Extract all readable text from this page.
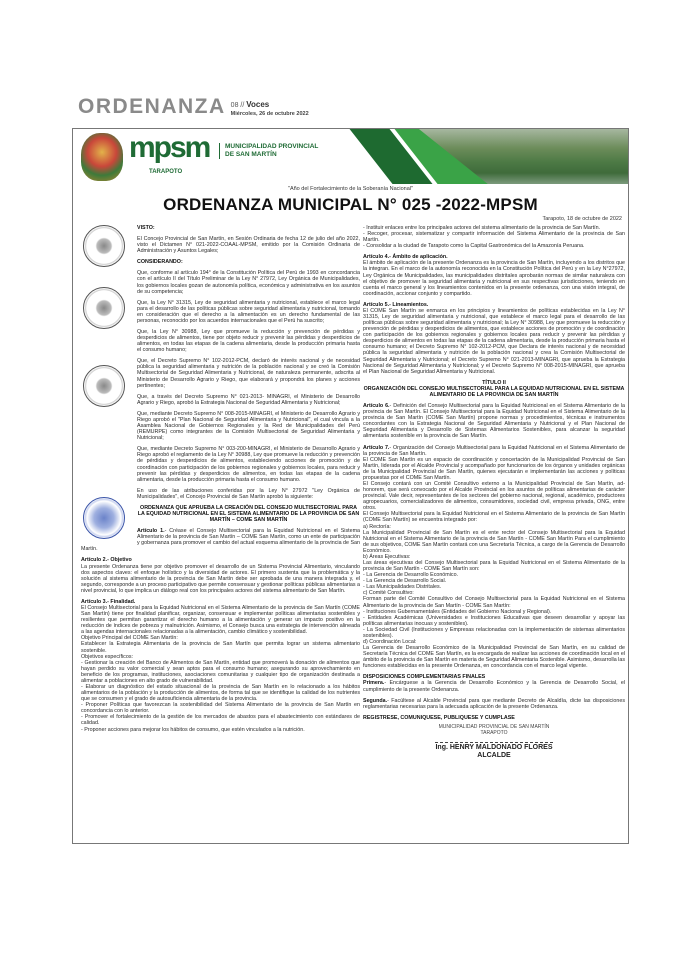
ORDENANZA 08 // Voces
Miércoles, 26 de octubre 2022
mpsm
TARAPOTO
MUNICIPALIDAD PROVINCIAL
DE SAN MARTÍN
"Año del Fortalecimiento de la Soberanía Nacional"
ORDENANZA MUNICIPAL N° 025 -2022-MPSM
Tarapoto, 18 de octubre de 2022

VISTO:

El Concejo Provincial de San Martín, en Sesión Ordinaria de fecha 12 de julio del año 2022, visto el Dictamen N° 021-2022-COAAL-MPSM, emitido por la Comisión Ordinaria de Administración y Asuntos Legales;

CONSIDERANDO:

Que, conforme al artículo 194° de la Constitución Política del Perú de 1993 en concordancia con el artículo II del Título Preliminar de la Ley N° 27972, Ley Orgánica de Municipalidades, los gobiernos locales gozan de autonomía política, económica y administrativa en los asuntos de su competencia;

Que, la Ley N° 31315, Ley de seguridad alimentaria y nutricional, establece el marco legal para el desarrollo de las políticas públicas sobre seguridad alimentaria y nutricional, tomando en consideración que el derecho a la alimentación es un derecho fundamental de las personas, reconocido por los acuerdos internacionales que el Perú ha suscrito;

Que, la Ley N° 30988, Ley que promueve la reducción y prevención de pérdidas y desperdicios de alimentos, tiene por objeto reducir y prevenir las pérdidas y desperdicios de alimentos, en todas las etapas de la cadena alimentaria, desde la producción primaria hasta el consumo humano;

Que, el Decreto Supremo N° 102-2012-PCM, declaró de interés nacional y de necesidad pública la seguridad alimentaria y nutrición de la población nacional y se creó la Comisión Multisectorial de Seguridad Alimentaria y Nutricional, de naturaleza permanente, adscrita al Ministerio de Desarrollo Agrario y Riego, que elaborará y propondrá los planes y acciones pertinentes;

Que, a través del Decreto Supremo N° 021-2013- MINAGRI, el Ministerio de Desarrollo Agrario y Riego, aprobó la Estrategia Nacional de Seguridad Alimentaria y Nutricional;

Que, mediante Decreto Supremo N° 008-2015-MINAGRI, el Ministerio de Desarrollo Agrario y Riego aprobó el "Plan Nacional de Seguridad Alimentaria y Nutricional", el cual vincula a la Asamblea Nacional de Gobiernos Regionales y la Red de Municipalidades del Perú (REMURPE) como integrantes de la Comisión Multisectorial de Seguridad Alimentaria y Nutricional;

Que, mediante Decreto Supremo N° 003-200-MINAGRI, el Ministerio de Desarrollo Agrario y Riego aprobó el reglamento de la Ley N° 30988, Ley que promueve la reducción y prevención de pérdidas y desperdicios de alimentos, estableciendo acciones de promoción y de coordinación con participación de los gobiernos regionales y gobiernos locales, para reducir y prevenir las pérdidas y desperdicios de alimentos, en todas las etapas de la cadena alimentaria, desde la producción primaria hasta el consumo humano.

En uso de las atribuciones conferidas por la Ley N° 27972 "Ley Orgánica de Municipalidades", el Concejo Provincial de San Martín aprobó la siguiente:

ORDENANZA QUE APRUEBA LA CREACIÓN DEL CONSEJO MULTISECTORIAL PARA LA EQUIDAD NUTRICIONAL EN EL SISTEMA ALIMENTARIO DE LA PROVINCIA DE SAN MARTÍN – COME SAN MARTÍN

Artículo 1.- Créase el Consejo Multisectorial para la Equidad Nutricional en el Sistema Alimentario de la provincia de San Martín – COME San Martín, como un ente de participación y gobernanza para promover el cambio del actual esquema alimentario de la provincia de San Martín.

Artículo 2.- Objetivo
La presente Ordenanza tiene por objetivo promover el desarrollo de un Sistema Provincial Alimentario, vinculando dos aspectos claves: el enfoque holístico y la diversidad de actores. El primero sustenta que la problemática y la solución al sistema alimentario de la provincia de San Martín debe ser aprobada de una manera integrada y, el segundo, corresponde a un proceso participativo que permite consensuar y gestionar políticas públicas alimentarias a nivel provincial, lo que implica un diálogo real con los principales actores del sistema alimentario de San Martín.

Artículo 3.- Finalidad.
El Consejo Multisectorial para la Equidad Nutricional en el Sistema Alimentario de la provincia de San Martín (COME San Martín) tiene por finalidad planificar, organizar, consensuar e implementar políticas alimentarias sostenibles y resilientes que permitan garantizar el derecho humano a la alimentación y generar un impacto positivo en la reducción de índices de pobreza y malnutrición. Asimismo, el Consejo busca una estrategia de intervención alineada a las agendas internacionales relacionadas a la alimentación, cambio climático y sostenibilidad.
Objetivo Principal del COME San Martín:
Establecer la Estrategia Alimentaria de la provincia de San Martín que permita lograr un sistema alimentario sostenible.
Objetivos específicos:
- Gestionar la creación del Banco de Alimentos de San Martín, entidad que promoverá la donación de alimentos que hayan perdido su valor comercial y sean aptos para el consumo humano; asegurando su aprovechamiento en beneficio de los programas, instituciones, asociaciones comunitarias y cualquier tipo de organización destinada a alimentar a poblaciones en alto grado de vulnerabilidad.
- Elaborar un diagnóstico del estado situacional de la provincia de San Martín en lo relacionado a los hábitos alimentarios de la población y la producción de alimentos, de forma tal que se identifique la calidad de los nutrientes que se consumen y el grado de autosuficiencia alimentaria de la provincia.
- Proponer Políticas que favorezcan la sostenibilidad del Sistema Alimentario de la provincia de San Martín en concordancia con lo anterior.
- Promover el fortalecimiento de la gestión de los mercados de abastos para el abastecimiento con estándares de calidad.
- Proponer acciones para mejorar los hábitos de consumo, que estén vinculados a la nutrición.

- Instituir enlaces entre los principales actores del sistema alimentario de la provincia de San Martín.
- Recoger, procesar, sistematizar y compartir información del Sistema Alimentario de la provincia de San Martín.
- Consolidar a la ciudad de Tarapoto como la Capital Gastronómica del la Amazonía Peruana.

Artículo 4.- Ámbito de aplicación.
El ámbito de aplicación de la presente Ordenanza es la provincia de San Martín, incluyendo a los distritos que la integran. En el marco de la autonomía reconocida en la Constitución Política del Perú y en la Ley N°27972, Ley Orgánica de Municipalidades, las municipalidades distritales aprobarán normas de similar naturaleza con el objetivo de promover la seguridad alimentaria y nutricional en sus respectivas jurisdicciones, teniendo en cuenta el marco general y los lineamientos contenidos en la presente ordenanza, con una visión integral, de coordinación, accionar conjunto y compartido.

Artículo 5.- Lineamientos.
El COME San Martín se enmarca en los principios y lineamientos de políticas establecidas en la Ley N° 31315, Ley de seguridad alimentaria y nutricional, que establece el marco legal para el desarrollo de las políticas públicas sobre seguridad alimentaria y nutricional; la Ley N° 30988, Ley que promueve la reducción y prevención de pérdidas y desperdicios de alimentos, que establece acciones de promoción y de coordinación con participación de los gobiernos regionales y gobiernos locales para reducir y prevenir las pérdidas y desperdicios de alimentos en todas las etapas de la cadena alimentaria, desde la producción primaria hasta el consumo humano; el Decreto Supremo N° 102-2012-PCM, que Declara de interés nacional y de necesidad pública la seguridad alimentaria y nutrición de la población nacional y crea la Comisión Multisectorial de Seguridad Alimentaria y Nutricional; el Decreto Supremo N° 021-2013-MINAGRI, que aprueba la Estrategia Nacional de Seguridad Alimentaria y Nutricional; y el Decreto Supremo N° 008-2015-MINAGRI, que aprueba el Plan Nacional de Seguridad Alimentaria y Nutricional.

TÍTULO II

ORGANIZACIÓN DEL CONSEJO MULTISECTORIAL PARA LA EQUIDAD NUTRICIONAL EN EL SISTEMA ALIMENTARIO DE LA PROVINCIA DE SAN MARTÍN

Artículo 6.- Definición del Consejo Multisectorial para la Equidad Nutricional en el Sistema Alimentario de la provincia de San Martín. El Consejo Multisectorial para la Equidad Nutricional en el Sistema Alimentario de la provincia de San Martín (COME San Martín) propone normas y procedimientos, técnicas e instrumentos concordantes con la Estrategia Nacional de Seguridad Alimentaria y Nutricional y el Plan Nacional de Seguridad Alimentaria y Desarrollo de Sistemas Alimentarios Sostenibles, para alcanzar la seguridad alimentaria sostenible en la provincia de San Martín.

Artículo 7.- Organización del Consejo Multisectorial para la Equidad Nutricional en el Sistema Alimentario de la provincia de San Martín.
El COME San Martín es un espacio de coordinación y concertación de la Municipalidad Provincial de San Martín, liderada por el Alcalde Provincial y acompañado por funcionarios de los órganos y unidades orgánicas de la Municipalidad Provincial de San Martín, quienes ejecutarán e implementarán las acciones y políticas propuestas por el COME San Martín.
El Consejo contará con un Comité Consultivo externo a la Municipalidad Provincial de San Martín, ad-honorem, que será convocado por el Alcalde Provincial en los asuntos de políticas alimentarias de carácter provincial. Vale decir, representantes de los sectores del gobierno nacional, regional, académico, productores agropecuarios, comercializadores de alimentos, consumidores, sociedad civil, empresa privada, ONG, entre otros.
El Consejo Multisectorial para la Equidad Nutricional en el Sistema Alimentario de la provincia de San Martín (COME San Martín) se encuentra integrado por:
a) Rectoría:
La Municipalidad Provincial de San Martín es el ente rector del Consejo Multisectorial para la Equidad Nutricional en el Sistema Alimentario de la provincia de San Martín - COME San Martín Para el cumplimiento de sus objetivos, COME San Martín contará con una Secretaría Técnica, a cargo de la Gerencia de Desarrollo Económico.
b) Áreas Ejecutivas:
Las áreas ejecutivas del Consejo Multisectorial para la Equidad Nutricional en el Sistema Alimentario de la provincia de San Martín - COME San Martín son:
- La Gerencia de Desarrollo Económico.
- La Gerencia de Desarrollo Social.
- Las Municipalidades Distritales.
c) Comité Consultivo:
Forman parte del Comité Consultivo del Consejo Multisectorial para la Equidad Nutricional en el Sistema Alimentario de la provincia de San Martín - COME San Martín:
- Instituciones Gubernamentales (Entidades del Gobierno Nacional y Regional).
- Entidades Académicas (Universidades e Instituciones Educativas que deseen desarrollar y apoyar las políticas alimentarias inocuas y sostenibles).
- La Sociedad Civil (Instituciones y Empresas relacionadas con la implementación de sistemas alimentarios sostenibles).
d) Coordinación Local:
La Gerencia de Desarrollo Económico de la Municipalidad Provincial de San Martín, en su calidad de Secretaría Técnica del COME San Martín, es la encargada de realizar las acciones de coordinación local en el ámbito de la provincia de San Martín en materia de Seguridad Alimentaria Sostenible. Asimismo, desarrolla las funciones establecidas en la presente Ordenanza, en concordancia con el marco legal vigente.

DISPOSICIONES COMPLEMENTARIAS FINALES

Primera.- Encárguese a la Gerencia de Desarrollo Económico y la Gerencia de Desarrollo Social, el cumplimiento de la presente Ordenanza.

Segunda.- Facúltese al Alcalde Provincial para que mediante Decreto de Alcaldía, dicte las disposiciones reglamentarias necesarias para la adecuada aplicación de la presente Ordenanza.

REGISTRESE, COMUNIQUESE, PUBLIQUESE Y CUMPLASE

MUNICIPALIDAD PROVINCIAL DE SAN MARTÍN
TARAPOTO
Ing. HENRY MALDONADO FLORES
ALCALDE
